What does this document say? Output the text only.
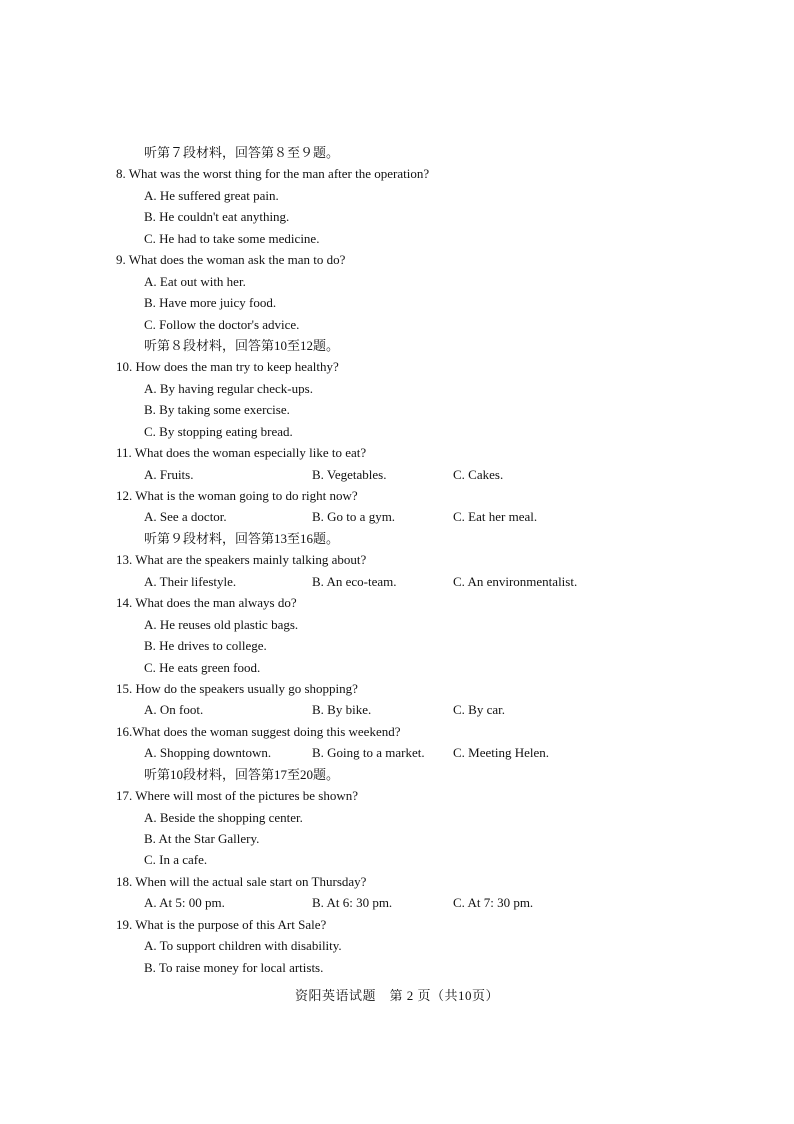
听第７段材料，回答第８至９题。
8. What was the worst thing for the man after the operation?
A. He suffered great pain.
B. He couldn't eat anything.
C. He had to take some medicine.
9. What does the woman ask the man to do?
A. Eat out with her.
B. Have more juicy food.
C. Follow the doctor's advice.
听第８段材料，回答第10至12题。
10. How does the man try to keep healthy?
A. By having regular check-ups.
B. By taking some exercise.
C. By stopping eating bread.
11. What does the woman especially like to eat?
A. Fruits.	B. Vegetables.	C. Cakes.
12. What is the woman going to do right now?
A. See a doctor.	B. Go to a gym.	C. Eat her meal.
听第９段材料，回答第13至16题。
13. What are the speakers mainly talking about?
A. Their lifestyle.	B. An eco-team.	C. An environmentalist.
14. What does the man always do?
A. He reuses old plastic bags.
B. He drives to college.
C. He eats green food.
15. How do the speakers usually go shopping?
A. On foot.	B. By bike.	C. By car.
16.What does the woman suggest doing this weekend?
A. Shopping downtown.	B. Going to a market.	C. Meeting Helen.
听第10段材料，回答第17至20题。
17. Where will most of the pictures be shown?
A. Beside the shopping center.
B. At the Star Gallery.
C. In a cafe.
18. When will the actual sale start on Thursday?
A. At 5: 00 pm.	B. At 6: 30 pm.	C. At 7: 30 pm.
19. What is the purpose of this Art Sale?
A. To support children with disability.
B. To raise money for local artists.
资阳英语试题　第 2 页（共10页）
